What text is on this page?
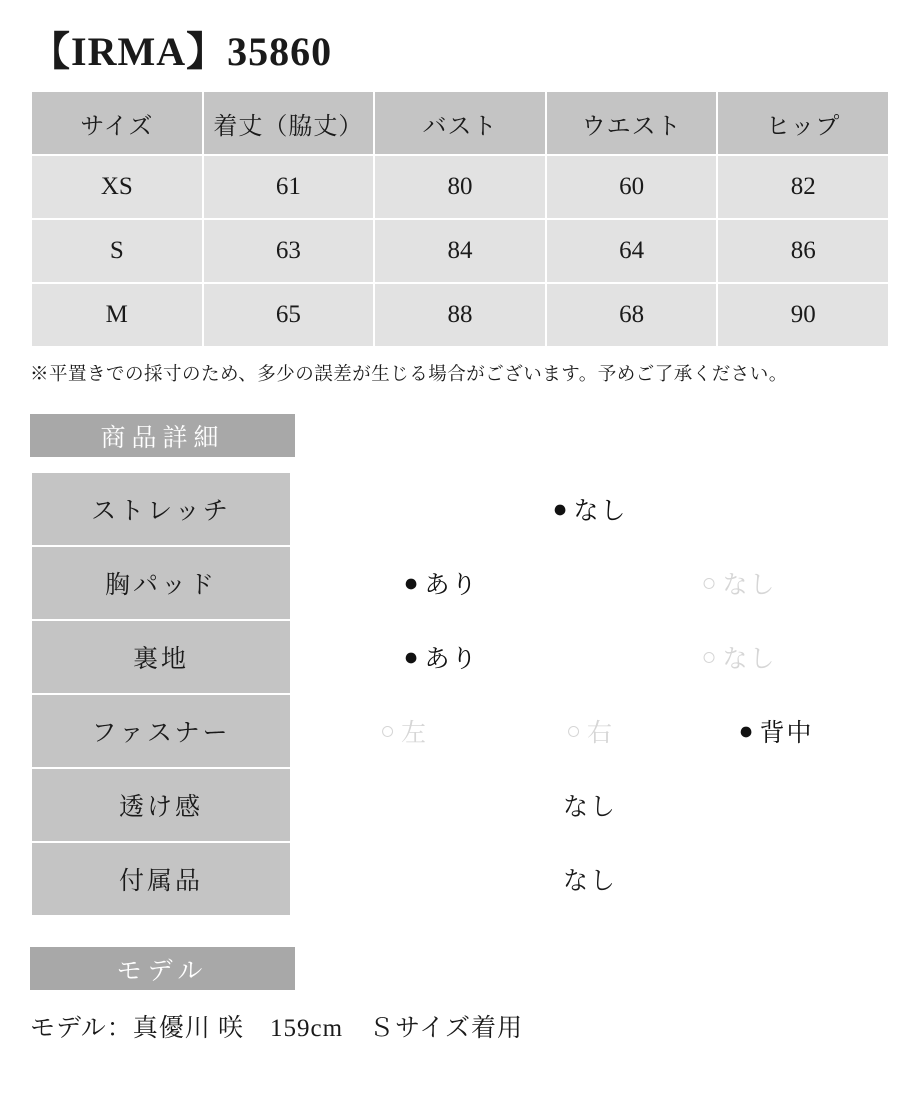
【IRMA】35860
サイズ	着丈（脇丈）	バスト	ウエスト	ヒップ
XS	61	80	60	82
S	63	84	64	86
M	65	88	68	90
※平置きでの採寸のため、多少の誤差が生じる場合がございます。予めご了承ください。
商品詳細
ストレッチ	● なし

胸パッド	● あり ○ なし

裏地	● あり ○ なし

ファスナー	○ 左	○ 右	● 背中

透け感	なし

付属品	なし
モデル
モデル：真優川 咲　159cm　Ｓサイズ着用
